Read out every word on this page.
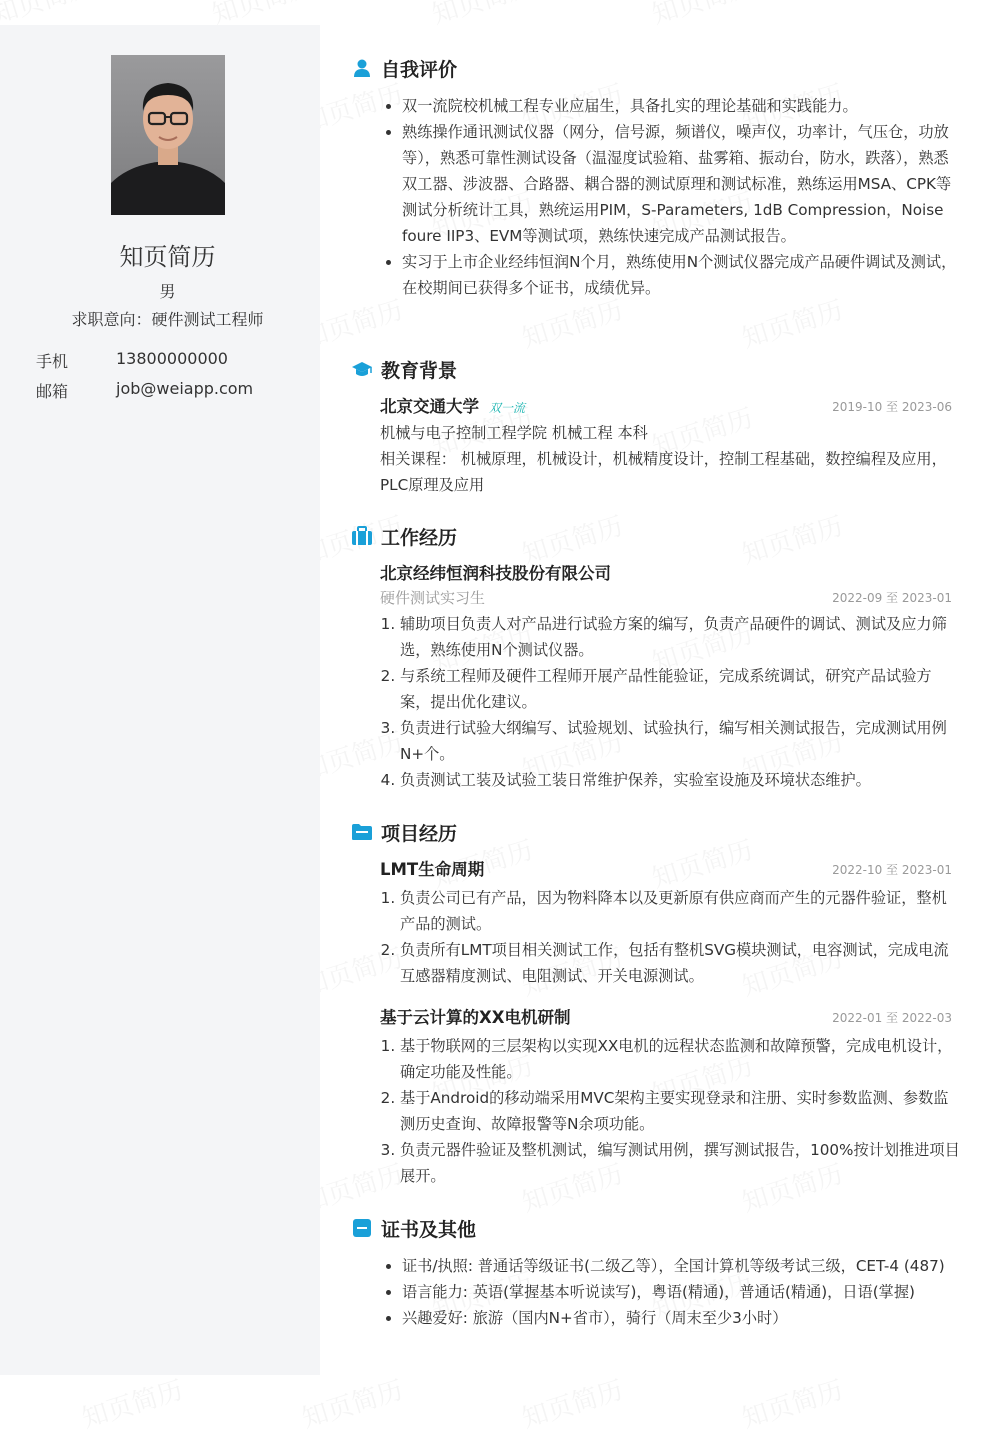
知页简历
男
求职意向：硬件测试工程师
手机	13800000000
邮箱	job@weiapp.com
自我评价
• 双一流院校机械工程专业应届生，具备扎实的理论基础和实践能力。
• 熟练操作通讯测试仪器（网分，信号源，频谱仪，噪声仪，功率计，气压仓，功放等），熟悉可靠性测试设备（温湿度试验箱、盐雾箱、振动台，防水，跌落），熟悉双工器、涉波器、合路器、耦合器的测试原理和测试标准，熟练运用MSA、CPK等测试分析统计工具，熟统运用PIM，S-Parameters, 1dB Compression，Noise foure IIP3、EVM等测试项，熟练快速完成产品测试报告。
• 实习于上市企业经纬恒润N个月，熟练使用N个测试仪器完成产品硬件调试及测试，在校期间已获得多个证书，成绩优异。
教育背景
北京交通大学 双一流	2019-10 至 2023-06
机械与电子控制工程学院 机械工程 本科
相关课程： 机械原理，机械设计，机械精度设计，控制工程基础，数控编程及应用，PLC原理及应用
工作经历
北京经纬恒润科技股份有限公司
硬件测试实习生	2022-09 至 2023-01
1. 辅助项目负责人对产品进行试验方案的编写，负责产品硬件的调试、测试及应力筛选，熟练使用N个测试仪器。
2. 与系统工程师及硬件工程师开展产品性能验证，完成系统调试，研究产品试验方案，提出优化建议。
3. 负责进行试验大纲编写、试验规划、试验执行，编写相关测试报告，完成测试用例N+个。
4. 负责测试工装及试验工装日常维护保养，实验室设施及环境状态维护。
项目经历
LMT生命周期	2022-10 至 2023-01
1. 负责公司已有产品，因为物料降本以及更新原有供应商而产生的元器件验证，整机产品的测试。
2. 负责所有LMT项目相关测试工作，包括有整机SVG模块测试，电容测试，完成电流互感器精度测试、电阻测试、开关电源测试。
基于云计算的XX电机研制	2022-01 至 2022-03
1. 基于物联网的三层架构以实现XX电机的远程状态监测和故障预警，完成电机设计，确定功能及性能。
2. 基于Android的移动端采用MVC架构主要实现登录和注册、实时参数监测、参数监测历史查询、故障报警等N余项功能。
3. 负责元器件验证及整机测试，编写测试用例，撰写测试报告，100%按计划推进项目展开。
证书及其他
• 证书/执照: 普通话等级证书(二级乙等），全国计算机等级考试三级，CET-4 (487)
• 语言能力: 英语(掌握基本听说读写)，粤语(精通)，普通话(精通)，日语(掌握)
• 兴趣爱好: 旅游（国内N+省市），骑行（周末至少3小时）
